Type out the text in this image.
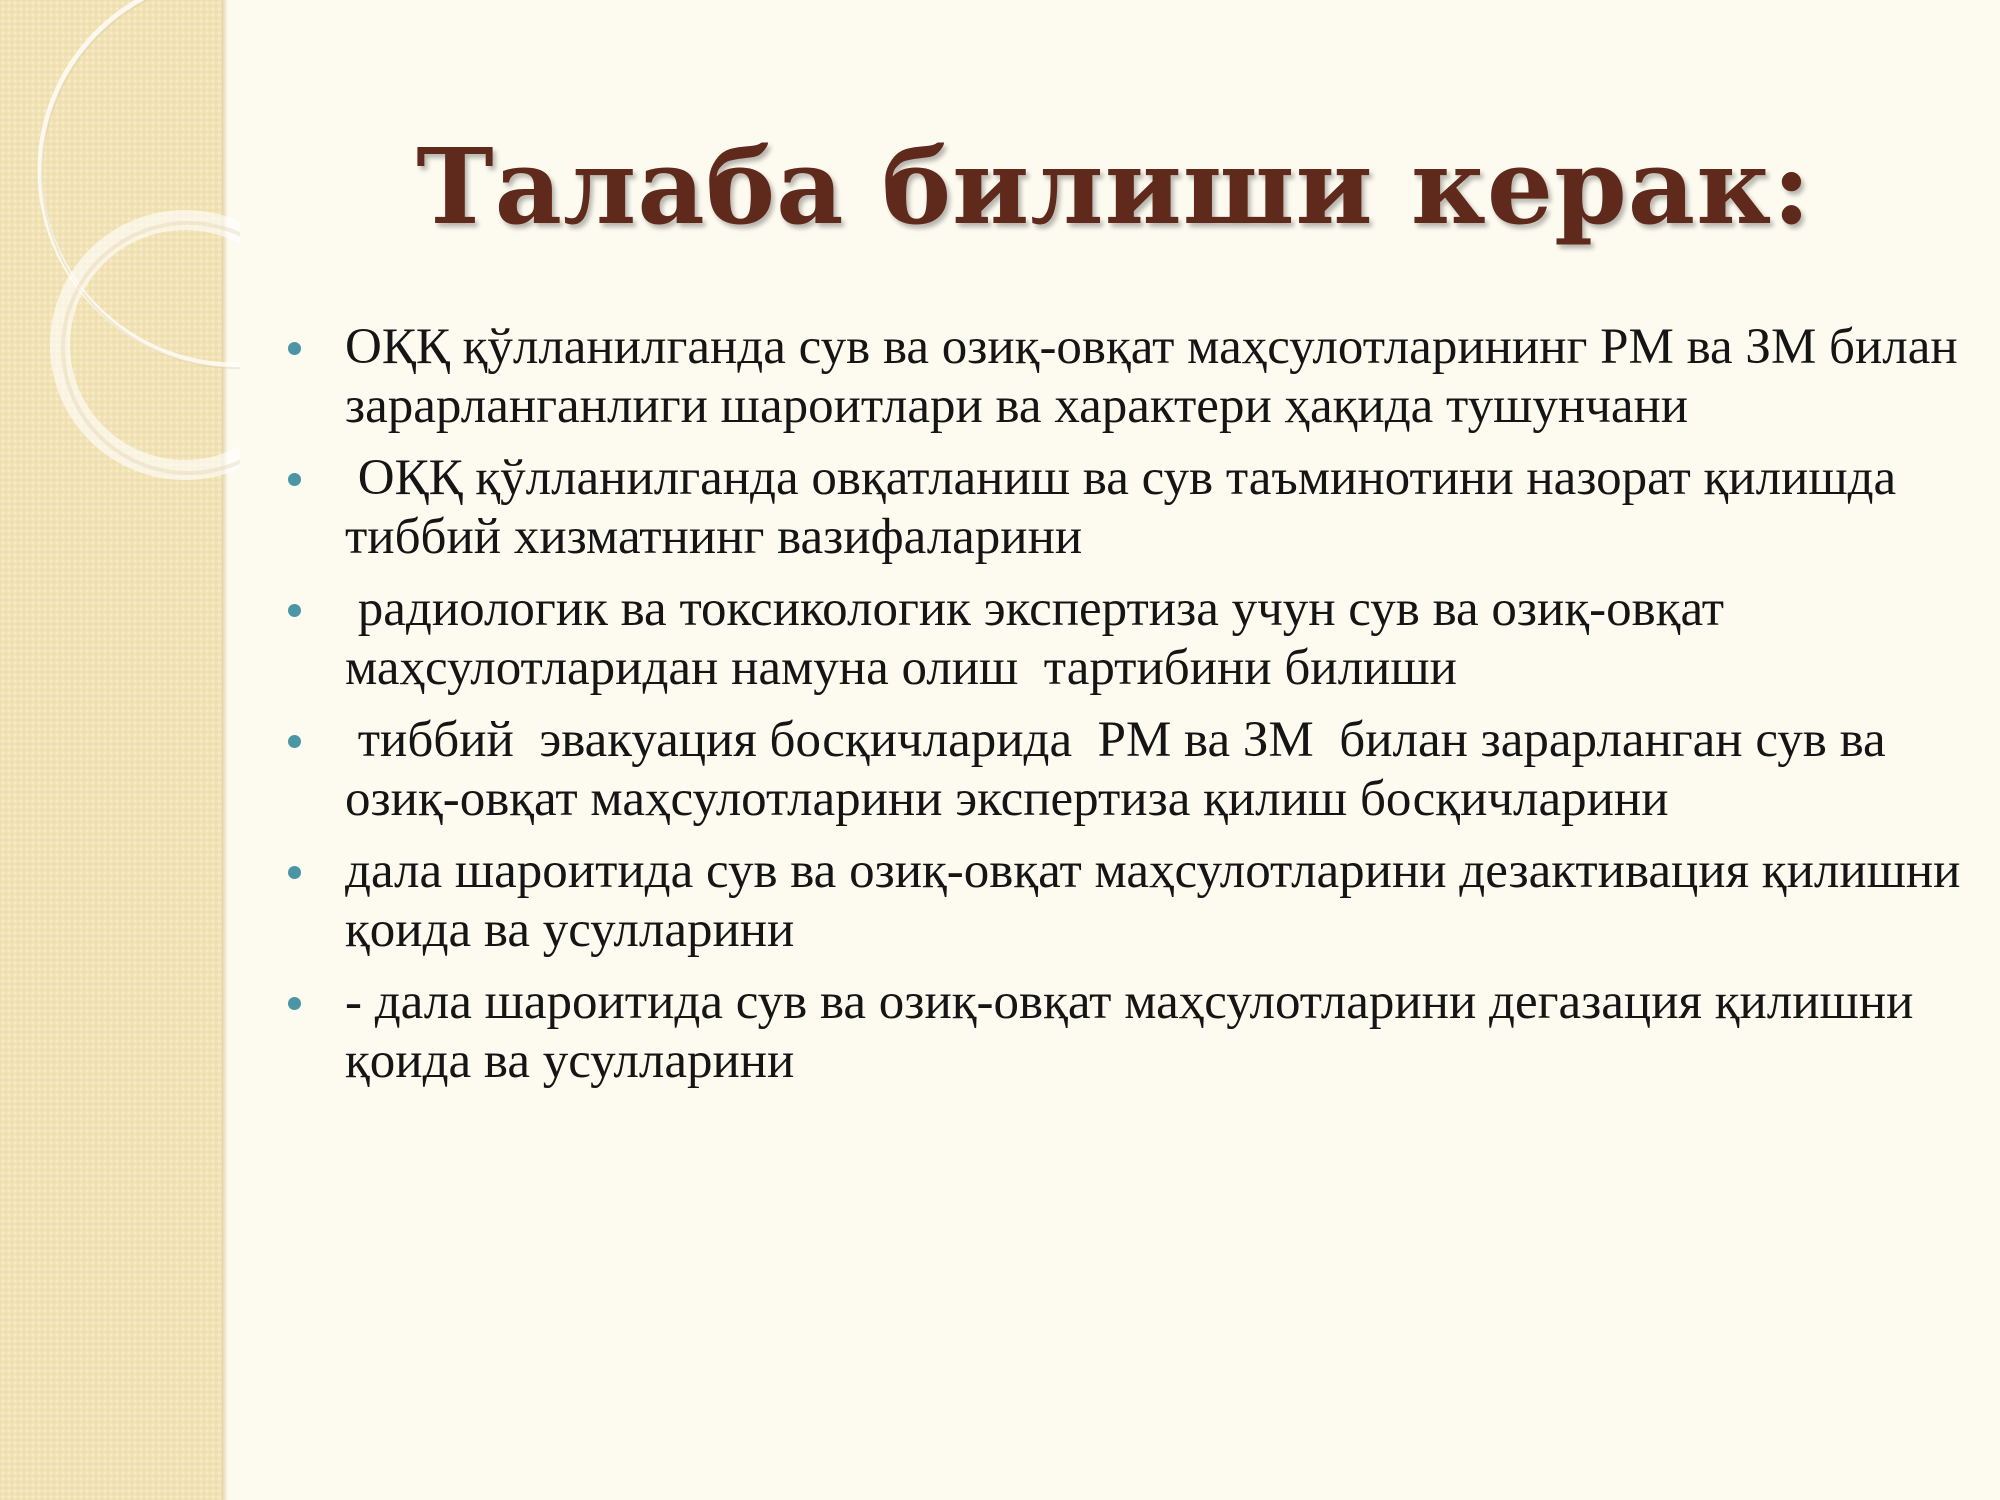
Талаба билиши керак:
ОҚҚ қўлланилганда сув ва озиқ-овқат маҳсулотларининг РМ ва ЗМ билан зарарланганлиги шароитлари ва характери ҳақида тушунчани
ОҚҚ қўлланилганда овқатланиш ва сув таъминотини назорат қилишда тиббий хизматнинг вазифаларини
радиологик ва токсикологик экспертиза учун сув ва озиқ-овқат маҳсулотларидан намуна олиш  тартибини билиши
тиббий  эвакуация босқичларида  РМ ва ЗМ  билан зарарланган сув ва озиқ-овқат маҳсулотларини экспертиза қилиш босқичларини
дала шароитида сув ва озиқ-овқат маҳсулотларини дезактивация қилишни қоида ва усулларини
- дала шароитида сув ва озиқ-овқат маҳсулотларини дегазация қилишни қоида ва усулларини
